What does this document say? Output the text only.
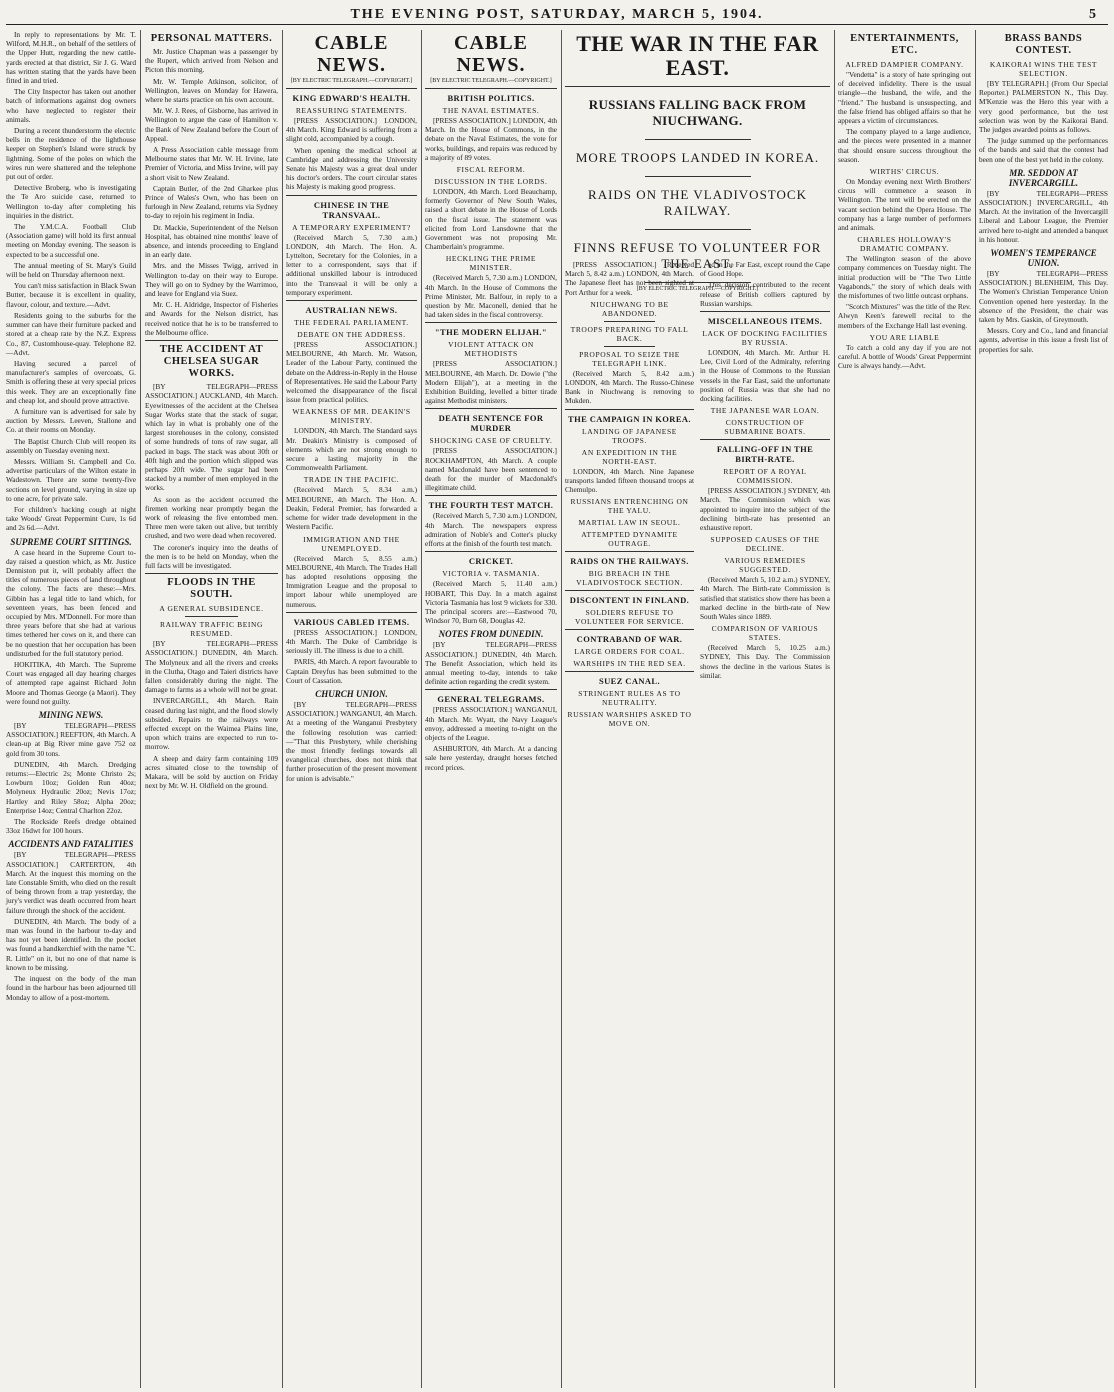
THE EVENING POST, SATURDAY, MARCH 5, 1904.	5

In reply to representations by Mr. T. Wilford, M.H.R., on behalf of the settlers of the Upper Hutt, regarding the new cattle-yards erected at that district, Sir J. G. Ward has written stating that the yards have been fitted in and tried.

The City Inspector has taken out another batch of informations against dog owners who have neglected to register their animals.

During a recent thunderstorm the electric bells in the residence of the lighthouse keeper on Stephen's Island were struck by lightning. Some of the poles on which the wires run were shattered and the telephone put out of order.

Detective Broberg, who is investigating the Te Aro suicide case, returned to Wellington to-day after completing his inquiries in the district.

The Y.M.C.A. Football Club (Association game) will hold its first annual meeting on Monday evening. The season is expected to be a successful one.

The annual meeting of St. Mary's Guild will be held on Thursday afternoon next.

You can't miss satisfaction in Black Swan Butter, because it is excellent in quality, flavour, colour, and texture.—Advt.

Residents going to the suburbs for the summer can have their furniture packed and stored at a cheap rate by the N.Z. Express Co., 87, Customhouse-quay. Telephone 82.—Advt.

Having secured a parcel of manufacturer's samples of overcoats, G. Smith is offering these at very special prices this week. They are an exceptionally fine and cheap lot, and should prove attractive.

A furniture van is advertised for sale by auction by Messrs. Leeven, Stallone and Co. at their rooms on Monday.

The Baptist Church Club will reopen its assembly on Tuesday evening next.

Messrs. William St. Campbell and Co. advertise particulars of the Wilton estate in Wadestown. There are some twenty-five sections on level ground, varying in size up to one acre, for private sale.

For children's hacking cough at night take Woods' Great Peppermint Cure, 1s 6d and 2s 6d.—Advt.

SUPREME COURT SITTINGS.

A case heard in the Supreme Court to-day raised a question which, as Mr. Justice Denniston put it, will probably affect the titles of numerous pieces of land throughout the colony. The facts are these:—Mrs. Gibbin has a legal title to land which, for seventeen years, has been fenced and occupied by Mrs. M'Donnell. For more than three years before that she had at various times tethered her cows on it, and there can be no question that her occupation has been undisturbed for the full statutory period.

HOKITIKA, 4th March. The Supreme Court was engaged all day hearing charges of attempted rape against Richard John Moore and Thomas George (a Maori). They were found not guilty.

MINING NEWS.

[BY TELEGRAPH—PRESS ASSOCIATION.] REEFTON, 4th March. A clean-up at Big River mine gave 752 oz gold from 30 tons.

DUNEDIN, 4th March. Dredging returns:—Electric 2s; Monte Christo 2s; Lowburn 10oz; Golden Run 40oz; Molyneux Hydraulic 20oz; Nevis 17oz; Hartley and Riley 58oz; Alpha 20oz; Enterprise 14oz; Central Charlton 22oz.

The Rockside Reefs dredge obtained 33oz 16dwt for 100 hours.

ACCIDENTS AND FATALITIES

[BY TELEGRAPH—PRESS ASSOCIATION.] CARTERTON, 4th March. At the inquest this morning on the late Constable Smith, who died on the result of being thrown from a trap yesterday, the jury's verdict was death occurred from heart failure through the shock of the accident.

DUNEDIN, 4th March. The body of a man was found in the harbour to-day and has not yet been identified. In the pocket was found a handkerchief with the name "C. R. Little" on it, but no one of that name is known to be missing.

The inquest on the body of the man found in the harbour has been adjourned till Monday to allow of a post-mortem.

PERSONAL MATTERS.

Mr. Justice Chapman was a passenger by the Rupert, which arrived from Nelson and Picton this morning.

Mr. W. Temple Atkinson, solicitor, of Wellington, leaves on Monday for Hawera, where he starts practice on his own account.

Mr. W. J. Rees, of Gisborne, has arrived in Wellington to argue the case of Hamilton v. the Bank of New Zealand before the Court of Appeal.

A Press Association cable message from Melbourne states that Mr. W. H. Irvine, late Premier of Victoria, and Miss Irvine, will pay a short visit to New Zealand.

Captain Butler, of the 2nd Gharkee plus Prince of Wales's Own, who has been on furlough in New Zealand, returns via Sydney to-day to rejoin his regiment in India.

Dr. Mackie, Superintendent of the Nelson Hospital, has obtained nine months' leave of absence, and intends proceeding to England in an early date.

Mrs. and the Misses Twigg, arrived in Wellington to-day on their way to Europe. They will go on to Sydney by the Warrimoo, and leave for England via Suez.

Mr. C. H. Aldridge, Inspector of Fisheries and Awards for the Nelson district, has received notice that he is to be transferred to the Melbourne office.

THE ACCIDENT AT CHELSEA SUGAR WORKS.

[BY TELEGRAPH—PRESS ASSOCIATION.] AUCKLAND, 4th March. Eyewitnesses of the accident at the Chelsea Sugar Works state that the stack of sugar, which lay in what is probably one of the largest storehouses in the colony, consisted of some hundreds of tons of raw sugar, all packed in bags. The stack was about 30ft or 40ft high and the portion which slipped was perhaps 20ft wide. The sugar had been stacked by a number of men employed in the works.

As soon as the accident occurred the firemen working near promptly began the work of releasing the five entombed men. Three men were taken out alive, but terribly crushed, and two were dead when recovered.

The coroner's inquiry into the deaths of the men is to be held on Monday, when the full facts will be investigated.

FLOODS IN THE SOUTH.
A GENERAL SUBSIDENCE.
RAILWAY TRAFFIC BEING RESUMED.

[BY TELEGRAPH—PRESS ASSOCIATION.] DUNEDIN, 4th March. The Molyneux and all the rivers and creeks in the Clutha, Otago and Taieri districts have fallen considerably during the night. The damage to farms as a whole will not be great.

INVERCARGILL, 4th March. Rain ceased during last night, and the flood slowly subsided. Repairs to the railways were effected except on the Waimea Plains line, upon which trains are expected to run to-morrow.

A sheep and dairy farm containing 109 acres situated close to the township of Makara, will be sold by auction on Friday next by Mr. W. H. Oldfield on the ground.

CABLE NEWS.
[BY ELECTRIC TELEGRAPH.—COPYRIGHT.]
KING EDWARD'S HEALTH.
REASSURING STATEMENTS.

[PRESS ASSOCIATION.] LONDON, 4th March. King Edward is suffering from a slight cold, accompanied by a cough.

When opening the medical school at Cambridge and addressing the University Senate his Majesty was a great deal under his doctor's orders. The court circular states his Majesty is making good progress.

CHINESE IN THE TRANSVAAL.
A TEMPORARY EXPERIMENT?

(Received March 5, 7.30 a.m.) LONDON, 4th March. The Hon. A. Lyttelton, Secretary for the Colonies, in a letter to a correspondent, says that if additional unskilled labour is introduced into the Transvaal it will be only a temporary experiment.

AUSTRALIAN NEWS.
THE FEDERAL PARLIAMENT.
DEBATE ON THE ADDRESS.

[PRESS ASSOCIATION.] MELBOURNE, 4th March. Mr. Watson, Leader of the Labour Party, continued the debate on the Address-in-Reply in the House of Representatives. He said the Labour Party welcomed the disappearance of the fiscal issue from practical politics.

WEAKNESS OF MR. DEAKIN'S MINISTRY.

LONDON, 4th March. The Standard says Mr. Deakin's Ministry is composed of elements which are not strong enough to secure a lasting majority in the Commonwealth Parliament.

TRADE IN THE PACIFIC.

(Received March 5, 8.34 a.m.) MELBOURNE, 4th March. The Hon. A. Deakin, Federal Premier, has forwarded a scheme for wider trade development in the Western Pacific.

IMMIGRATION AND THE UNEMPLOYED.

(Received March 5, 8.55 a.m.) MELBOURNE, 4th March. The Trades Hall has adopted resolutions opposing the Immigration League and the proposal to import labour while unemployed are numerous.

VARIOUS CABLED ITEMS.

[PRESS ASSOCIATION.] LONDON, 4th March. The Duke of Cambridge is seriously ill. The illness is due to a chill.

PARIS, 4th March. A report favourable to Captain Dreyfus has been submitted to the Court of Cassation.

CHURCH UNION.

[BY TELEGRAPH—PRESS ASSOCIATION.] WANGANUI, 4th March. At a meeting of the Wanganui Presbytery the following resolution was carried:—"That this Presbytery, while cherishing the most friendly feelings towards all evangelical churches, does not think that further prosecution of the present movement for union is advisable."

CABLE NEWS.
[BY ELECTRIC TELEGRAPH.—COPYRIGHT.]
BRITISH POLITICS.
THE NAVAL ESTIMATES.

[PRESS ASSOCIATION.] LONDON, 4th March. In the House of Commons, in the debate on the Naval Estimates, the vote for works, buildings, and repairs was reduced by a majority of 89 votes.

FISCAL REFORM.
DISCUSSION IN THE LORDS.

LONDON, 4th March. Lord Beauchamp, formerly Governor of New South Wales, raised a short debate in the House of Lords on the fiscal issue. The statement was elicited from Lord Lansdowne that the Government was not proposing Mr. Chamberlain's programme.

HECKLING THE PRIME MINISTER.

(Received March 5, 7.30 a.m.) LONDON, 4th March. In the House of Commons the Prime Minister, Mr. Balfour, in reply to a question by Mr. Maconell, denied that he had taken sides in the fiscal controversy.

"THE MODERN ELIJAH."
VIOLENT ATTACK ON METHODISTS

[PRESS ASSOCIATION.] MELBOURNE, 4th March. Dr. Dowie ("the Modern Elijah"), at a meeting in the Exhibition Building, levelled a bitter tirade against Methodist ministers.

DEATH SENTENCE FOR MURDER
SHOCKING CASE OF CRUELTY.

[PRESS ASSOCIATION.] ROCKHAMPTON, 4th March. A couple named Macdonald have been sentenced to death for the murder of Macdonald's illegitimate child.

THE FOURTH TEST MATCH.

(Received March 5, 7.30 a.m.) LONDON, 4th March. The newspapers express admiration of Noble's and Cotter's plucky efforts at the finish of the fourth test match.

CRICKET.
VICTORIA v. TASMANIA.

(Received March 5, 11.40 a.m.) HOBART, This Day. In a match against Victoria Tasmania has lost 9 wickets for 330. The principal scorers are:—Eastwood 70, Windsor 70, Burn 68, Douglas 42.

NOTES FROM DUNEDIN.

[BY TELEGRAPH—PRESS ASSOCIATION.] DUNEDIN, 4th March. The Benefit Association, which held its annual meeting to-day, intends to take definite action regarding the credit system.

GENERAL TELEGRAMS.

[PRESS ASSOCIATION.] WANGANUI, 4th March. Mr. Wyatt, the Navy League's envoy, addressed a meeting to-night on the objects of the League.

ASHBURTON, 4th March. At a dancing sale here yesterday, draught horses fetched record prices.

THE WAR IN THE FAR EAST.
RUSSIANS FALLING BACK FROM NIUCHWANG.
MORE TROOPS LANDED IN KOREA.
RAIDS ON THE VLADIVOSTOCK RAILWAY.
FINNS REFUSE TO VOLUNTEER FOR THE EAST.
[BY ELECTRIC TELEGRAPH.—COPYRIGHT.]

[PRESS ASSOCIATION.] (Received March 5, 8.42 a.m.) LONDON, 4th March. The Japanese fleet has not been sighted at Port Arthur for a week.

NIUCHWANG TO BE ABANDONED.
TROOPS PREPARING TO FALL BACK.
PROPOSAL TO SEIZE THE TELEGRAPH LINK.

(Received March 5, 8.42 a.m.) LONDON, 4th March. The Russo-Chinese Bank in Niuchwang is removing to Mukden.

THE CAMPAIGN IN KOREA.
LANDING OF JAPANESE TROOPS.
AN EXPEDITION IN THE NORTH-EAST.

LONDON, 4th March. Nine Japanese transports landed fifteen thousand troops at Chemulpo.

RUSSIANS ENTRENCHING ON THE YALU.
MARTIAL LAW IN SEOUL.
ATTEMPTED DYNAMITE OUTRAGE.
RAIDS ON THE RAILWAYS.
BIG BREACH IN THE VLADIVOSTOCK SECTION.
DISCONTENT IN FINLAND.
SOLDIERS REFUSE TO VOLUNTEER FOR SERVICE.
CONTRABAND OF WAR.
LARGE ORDERS FOR COAL.
WARSHIPS IN THE RED SEA.
SUEZ CANAL.
STRINGENT RULES AS TO NEUTRALITY.
RUSSIAN WARSHIPS ASKED TO MOVE ON.

ed in the Far East, except round the Cape of Good Hope.

This decision contributed to the recent release of British colliers captured by Russian warships.

MISCELLANEOUS ITEMS.
LACK OF DOCKING FACILITIES BY RUSSIA.

LONDON, 4th March. Mr. Arthur H. Lee, Civil Lord of the Admiralty, referring in the House of Commons to the Russian vessels in the Far East, said the unfortunate position of Russia was that she had no docking facilities.

THE JAPANESE WAR LOAN.
CONSTRUCTION OF SUBMARINE BOATS.
FALLING-OFF IN THE BIRTH-RATE.
REPORT OF A ROYAL COMMISSION.

[PRESS ASSOCIATION.] SYDNEY, 4th March. The Commission which was appointed to inquire into the subject of the declining birth-rate has presented an exhaustive report.

SUPPOSED CAUSES OF THE DECLINE.
VARIOUS REMEDIES SUGGESTED.

(Received March 5, 10.2 a.m.) SYDNEY, 4th March. The Birth-rate Commission is satisfied that statistics show there has been a marked decline in the birth-rate of New South Wales since 1889.

COMPARISON OF VARIOUS STATES.

(Received March 5, 10.25 a.m.) SYDNEY, This Day. The Commission shows the decline in the various States is similar.

ENTERTAINMENTS, ETC.
ALFRED DAMPIER COMPANY.

"Vendetta" is a story of hate springing out of deceived infidelity. There is the usual triangle—the husband, the wife, and the "friend." The husband is unsuspecting, and the false friend has obliged affairs so that he appears a victim of circumstances.

The company played to a large audience, and the pieces were presented in a manner that should ensure success throughout the season.

WIRTHS' CIRCUS.

On Monday evening next Wirth Brothers' circus will commence a season in Wellington. The tent will be erected on the vacant section behind the Opera House. The company has a large number of performers and animals.

CHARLES HOLLOWAY'S DRAMATIC COMPANY.

The Wellington season of the above company commences on Tuesday night. The initial production will be "The Two Little Vagabonds," the story of which deals with the misfortunes of two little outcast orphans.

"Scotch Mixtures" was the title of the Rev. Alwyn Keen's farewell recital to the members of the Exchange Hall last evening.

YOU ARE LIABLE

To catch a cold any day if you are not careful. A bottle of Woods' Great Peppermint Cure is always handy.—Advt.

BRASS BANDS CONTEST.
KAIKORAI WINS THE TEST SELECTION.

[BY TELEGRAPH.] (From Our Special Reporter.) PALMERSTON N., This Day. M'Kenzie was the Hero this year with a very good performance, but the test selection was won by the Kaikorai Band. The judges awarded points as follows.

The judge summed up the performances of the bands and said that the contest had been one of the best yet held in the colony.

MR. SEDDON AT INVERCARGILL.

[BY TELEGRAPH—PRESS ASSOCIATION.] INVERCARGILL, 4th March. At the invitation of the Invercargill Liberal and Labour League, the Premier arrived here to-night and attended a banquet in his honour.

WOMEN'S TEMPERANCE UNION.

[BY TELEGRAPH—PRESS ASSOCIATION.] BLENHEIM, This Day. The Women's Christian Temperance Union Convention opened here yesterday. In the absence of the President, the chair was taken by Mrs. Gaskin, of Greymouth.

Messrs. Cory and Co., land and financial agents, advertise in this issue a fresh list of properties for sale.
